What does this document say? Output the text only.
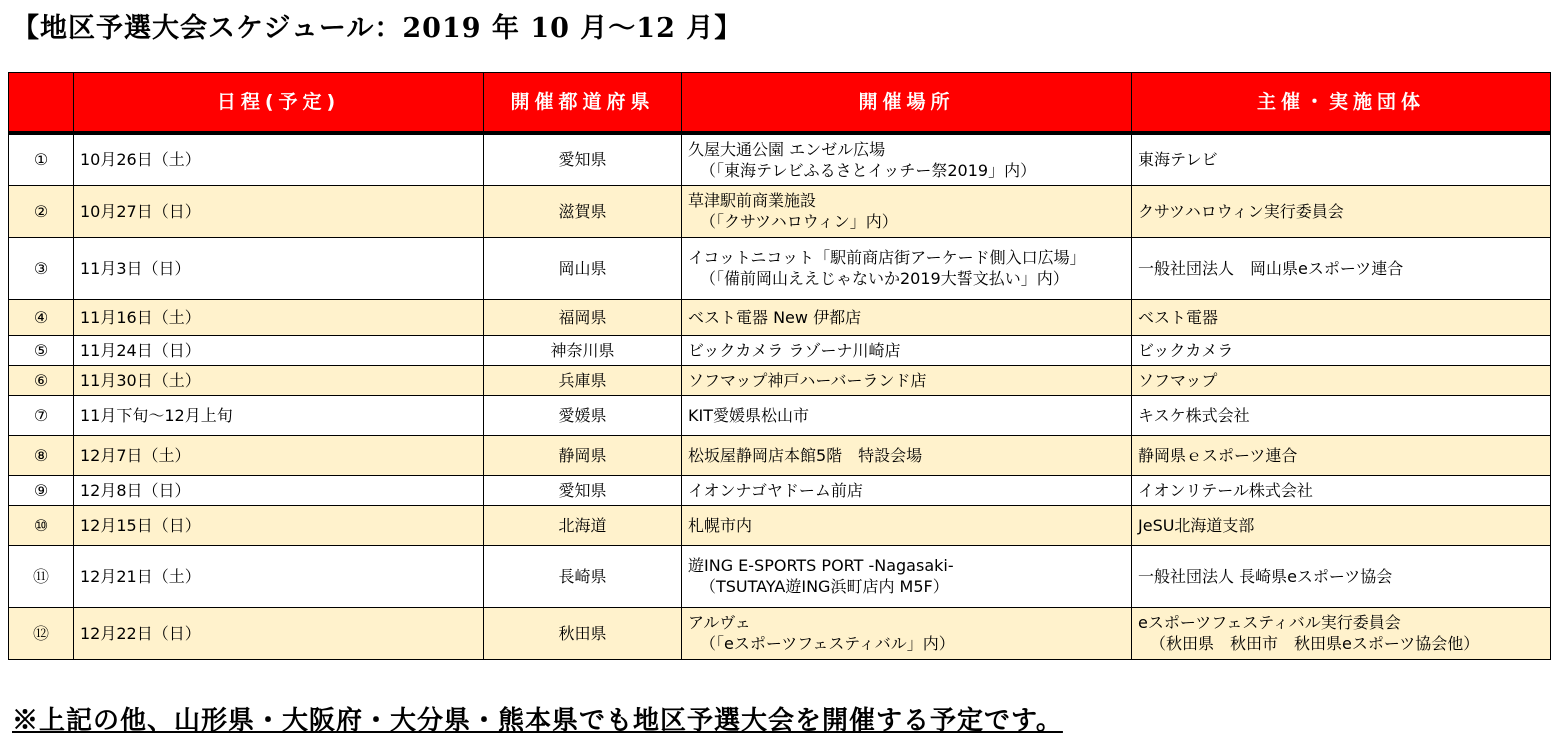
【地区予選大会スケジュール：2019 年 10 月～12 月】
	日程(予定)	開催都道府県	開催場所	主催・実施団体
①	10月26日（土）	愛知県	久屋大通公園 エンゼル広場
（「東海テレビふるさとイッチー祭2019」内）	東海テレビ

②	10月27日（日）	滋賀県	草津駅前商業施設
（「クサツハロウィン」内）	クサツハロウィン実行委員会

③	11月3日（日）	岡山県	イコットニコット「駅前商店街アーケード側入口広場」
（「備前岡山ええじゃないか2019大誓文払い」内）	一般社団法人　岡山県eスポーツ連合

④	11月16日（土）	福岡県	ベスト電器 New 伊都店	ベスト電器

⑤	11月24日（日）	神奈川県	ビックカメラ ラゾーナ川崎店	ビックカメラ

⑥	11月30日（土）	兵庫県	ソフマップ神戸ハーバーランド店	ソフマップ

⑦	11月下旬～12月上旬	愛媛県	KIT愛媛県松山市	キスケ株式会社

⑧	12月7日（土）	静岡県	松坂屋静岡店本館5階　特設会場	静岡県ｅスポーツ連合

⑨	12月8日（日）	愛知県	イオンナゴヤドーム前店	イオンリテール株式会社

⑩	12月15日（日）	北海道	札幌市内	JeSU北海道支部

⑪	12月21日（土）	長崎県	遊ING E-SPORTS PORT -Nagasaki-
（TSUTAYA遊ING浜町店内 M5F）	一般社団法人 長崎県eスポーツ協会

⑫	12月22日（日）	秋田県	アルヴェ
（「eスポーツフェスティバル」内）	eスポーツフェスティバル実行委員会
（秋田県　秋田市　秋田県eスポーツ協会他）
※上記の他、山形県・大阪府・大分県・熊本県でも地区予選大会を開催する予定です。
